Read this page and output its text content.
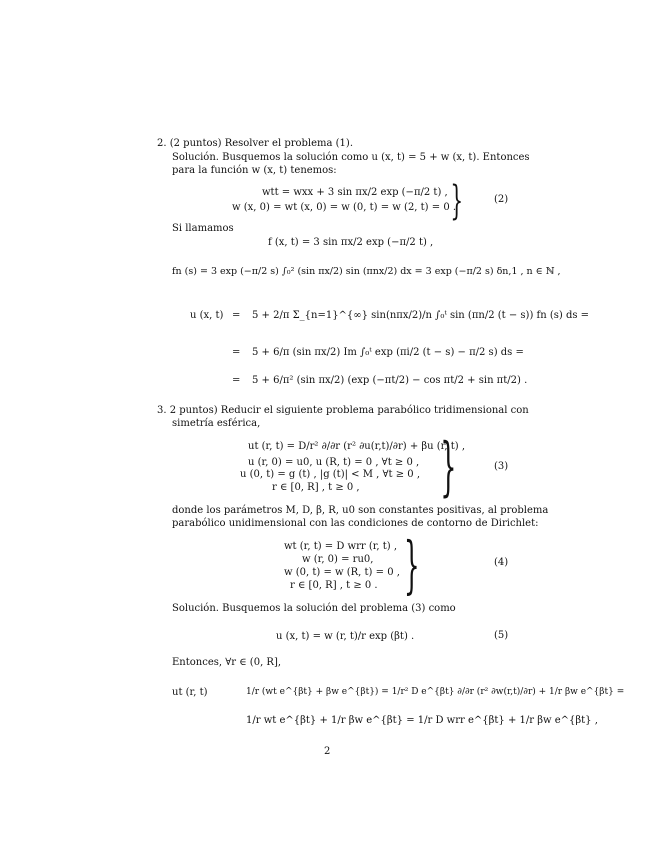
2. (2 puntos) Resolver el problema (1).
Solución. Busquemos la solución como u (x, t) = 5 + w (x, t). Entonces
para la función w (x, t) tenemos:
wtt = wxx + 3 sin πx/2 exp (−π/2 t) ,
w (x, 0) = wt (x, 0) = w (0, t) = w (2, t) = 0 .
}	(2)
Si llamamos
f (x, t) = 3 sin πx/2 exp (−π/2 t) ,
fn (s) = 3 exp (−π/2 s) ∫₀² (sin πx/2) sin (πnx/2) dx = 3 exp (−π/2 s) δn,1 , n ∈ ℕ ,
u (x, t) = 5 + 2/π Σ_{n=1}^{∞} sin(nπx/2)/n ∫₀ᵗ sin (πn/2 (t − s)) fn (s) ds =
= 5 + 6/π (sin πx/2) Im ∫₀ᵗ exp (πi/2 (t − s) − π/2 s) ds =
= 5 + 6/π² (sin πx/2) (exp (−πt/2) − cos πt/2 + sin πt/2) .
3. 2 puntos) Reducir el siguiente problema parabólico tridimensional con
simetría esférica,
ut (r, t) = D/r² ∂/∂r (r² ∂u(r,t)/∂r) + βu (r, t) ,
u (r, 0) = u0, u (R, t) = 0 , ∀t ≥ 0 ,
u (0, t) = g (t) , |g (t)| < M , ∀t ≥ 0 ,
r ∈ [0, R] , t ≥ 0 , }	(3)
donde los parámetros M, D, β, R, u0 son constantes positivas, al problema
parabólico unidimensional con las condiciones de contorno de Dirichlet:
wt (r, t) = D wrr (r, t) ,
w (r, 0) = ru0,
w (0, t) = w (R, t) = 0 ,
r ∈ [0, R] , t ≥ 0 . }	(4)
Solución. Busquemos la solución del problema (3) como
u (x, t) = w (r, t)/r exp (βt) .	(5)
Entonces, ∀r ∈ (0, R],
ut (r, t)	1/r (wt e^{βt} + βw e^{βt}) = 1/r² D e^{βt} ∂/∂r (r² ∂w(r,t)/∂r) + 1/r βw e^{βt} =
1/r wt e^{βt} + 1/r βw e^{βt} = 1/r D wrr e^{βt} + 1/r βw e^{βt} ,
2
